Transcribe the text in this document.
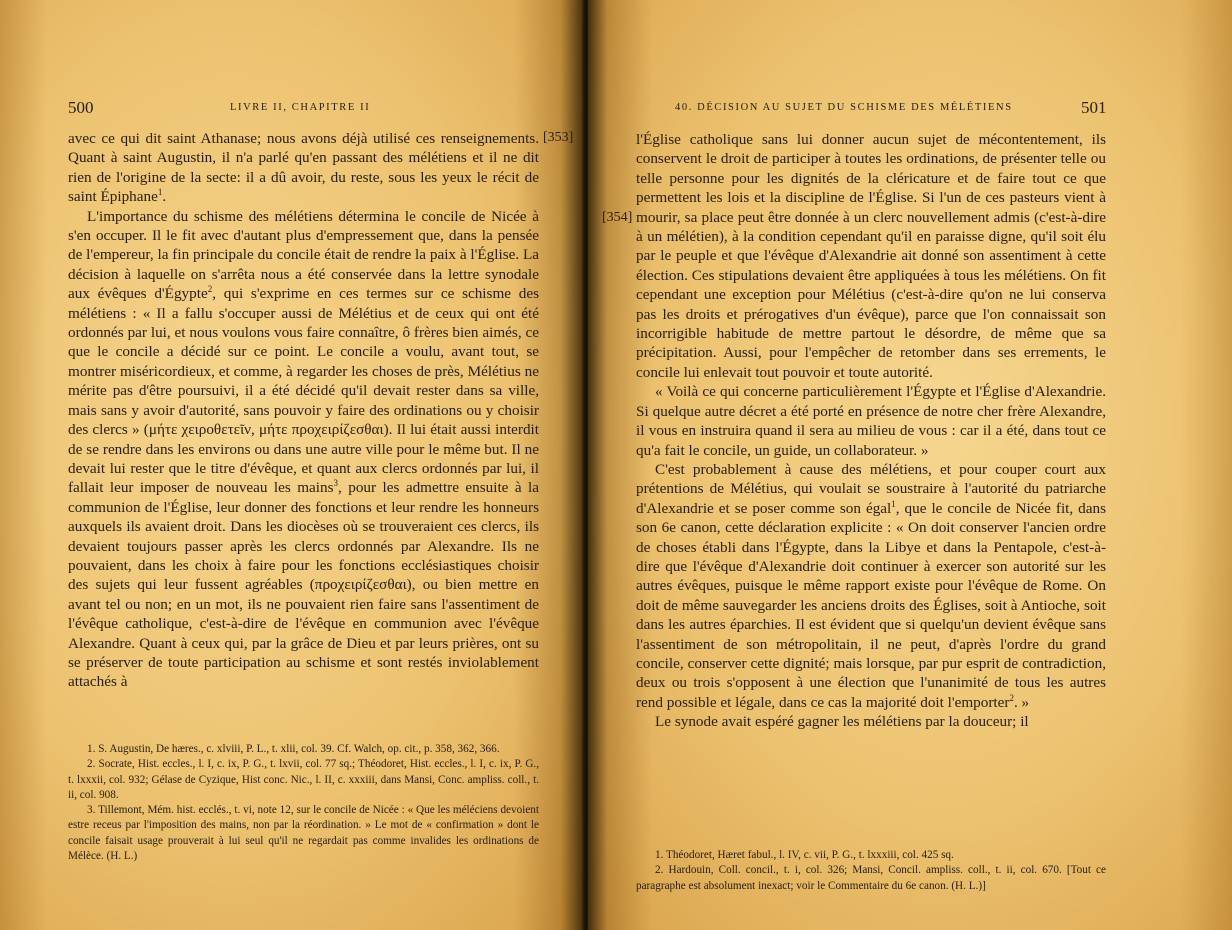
500	LIVRE II, CHAPITRE II

avec ce qui dit saint Athanase; nous avons déjà utilisé ces renseignements. Quant à saint Augustin, il n'a parlé qu'en passant des mélétiens et il ne dit rien de l'origine de la secte: il a dû avoir, du reste, sous les yeux le récit de saint Épiphane$^1$.

L'importance du schisme des mélétiens détermina le concile de Nicée à s'en occuper. Il le fit avec d'autant plus d'empressement que, dans la pensée de l'empereur, la fin principale du concile était de rendre la paix à l'Église. La décision à laquelle on s'arrêta nous a été conservée dans la lettre synodale aux évêques d'Égypte$^2$, qui s'exprime en ces termes sur ce schisme des mélétiens : « Il a fallu s'occuper aussi de Mélétius et de ceux qui ont été ordonnés par lui, et nous voulons vous faire connaître, ô frères bien aimés, ce que le concile a décidé sur ce point. Le concile a voulu, avant tout, se montrer miséricordieux, et comme, à regarder les choses de près, Mélétius ne mérite pas d'être poursuivi, il a été décidé qu'il devait rester dans sa ville, mais sans y avoir d'autorité, sans pouvoir y faire des ordinations ou y choisir des clercs » (μήτε χειροθετεῖν, μήτε προχειρίζεσθαι). Il lui était aussi interdit de se rendre dans les environs ou dans une autre ville pour le même but. Il ne devait lui rester que le titre d'évêque, et quant aux clercs ordonnés par lui, il fallait leur imposer de nouveau les mains$^3$, pour les admettre ensuite à la communion de l'Église, leur donner des fonctions et leur rendre les honneurs auxquels ils avaient droit. Dans les diocèses où se trouveraient ces clercs, ils devaient toujours passer après les clercs ordonnés par Alexandre. Ils ne pouvaient, dans les choix à faire pour les fonctions ecclésiastiques choisir des sujets qui leur fussent agréables (προχειρίζεσθαι), ou bien mettre en avant tel ou non; en un mot, ils ne pouvaient rien faire sans l'assentiment de l'évêque catholique, c'est-à-dire de l'évêque en communion avec l'évêque Alexandre. Quant à ceux qui, par la grâce de Dieu et par leurs prières, ont su se préserver de toute participation au schisme et sont restés inviolablement attachés à

1. S. Augustin, De hæres., c. xlviii, P. L., t. xlii, col. 39. Cf. Walch, op. cit., p. 358, 362, 366.

2. Socrate, Hist. eccles., l. I, c. ix, P. G., t. lxvii, col. 77 sq.; Théodoret, Hist. eccles., l. I, c. ix, P. G., t. lxxxii, col. 932; Gélase de Cyzique, Hist conc. Nic., l. II, c. xxxiii, dans Mansi, Conc. ampliss. coll., t. ii, col. 908.

3. Tillemont, Mém. hist. ecclés., t. vi, note 12, sur le concile de Nicée : « Que les méléciens devoient estre receus par l'imposition des mains, non par la réordination. » Le mot de « confirmation » dont le concile faisait usage prouverait à lui seul qu'il ne regardait pas comme invalides les ordinations de Mélèce. (H. L.)

[353]
40. DÉCISION AU SUJET DU SCHISME DES MÉLÉTIENS	501
[354]

l'Église catholique sans lui donner aucun sujet de mécontentement, ils conservent le droit de participer à toutes les ordinations, de présenter telle ou telle personne pour les dignités de la cléricature et de faire tout ce que permettent les lois et la discipline de l'Église. Si l'un de ces pasteurs vient à mourir, sa place peut être donnée à un clerc nouvellement admis (c'est-à-dire à un mélétien), à la condition cependant qu'il en paraisse digne, qu'il soit élu par le peuple et que l'évêque d'Alexandrie ait donné son assentiment à cette élection. Ces stipulations devaient être appliquées à tous les mélétiens. On fit cependant une exception pour Mélétius (c'est-à-dire qu'on ne lui conserva pas les droits et prérogatives d'un évêque), parce que l'on connaissait son incorrigible habitude de mettre partout le désordre, de même que sa précipitation. Aussi, pour l'empêcher de retomber dans ses errements, le concile lui enlevait tout pouvoir et toute autorité.

« Voilà ce qui concerne particulièrement l'Égypte et l'Église d'Alexandrie. Si quelque autre décret a été porté en présence de notre cher frère Alexandre, il vous en instruira quand il sera au milieu de vous : car il a été, dans tout ce qu'a fait le concile, un guide, un collaborateur. »

C'est probablement à cause des mélétiens, et pour couper court aux prétentions de Mélétius, qui voulait se soustraire à l'autorité du patriarche d'Alexandrie et se poser comme son égal$^1$, que le concile de Nicée fit, dans son 6e canon, cette déclaration explicite : « On doit conserver l'ancien ordre de choses établi dans l'Égypte, dans la Libye et dans la Pentapole, c'est-à-dire que l'évêque d'Alexandrie doit continuer à exercer son autorité sur les autres évêques, puisque le même rapport existe pour l'évêque de Rome. On doit de même sauvegarder les anciens droits des Églises, soit à Antioche, soit dans les autres éparchies. Il est évident que si quelqu'un devient évêque sans l'assentiment de son métropolitain, il ne peut, d'après l'ordre du grand concile, conserver cette dignité; mais lorsque, par pur esprit de contradiction, deux ou trois s'opposent à une élection que l'unanimité de tous les autres rend possible et légale, dans ce cas la majorité doit l'emporter$^2$. »

Le synode avait espéré gagner les mélétiens par la douceur; il

1. Théodoret, Hæret fabul., l. IV, c. vii, P. G., t. lxxxiii, col. 425 sq.

2. Hardouin, Coll. concil., t. i, col. 326; Mansi, Concil. ampliss. coll., t. ii, col. 670. [Tout ce paragraphe est absolument inexact; voir le Commentaire du 6e canon. (H. L.)]
